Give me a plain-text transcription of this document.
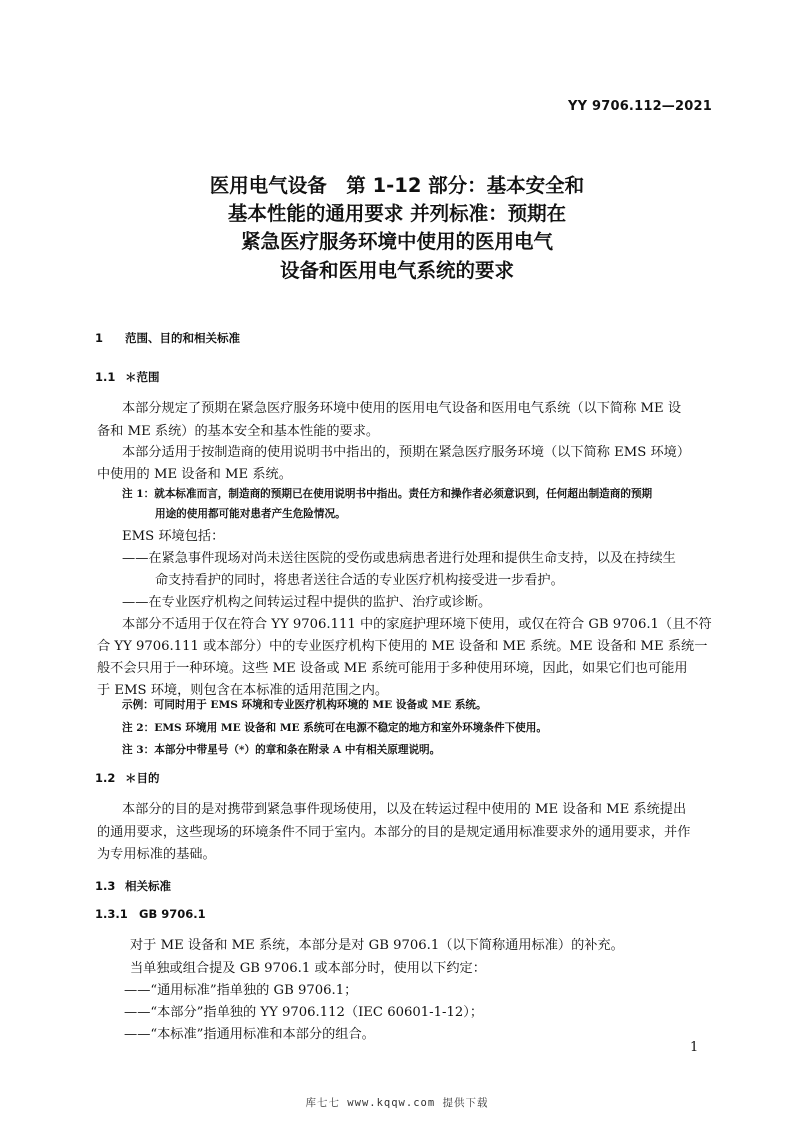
YY 9706.112—2021
医用电气设备　第 1-12 部分：基本安全和
基本性能的通用要求 并列标准：预期在
紧急医疗服务环境中使用的医用电气
设备和医用电气系统的要求
1 范围、目的和相关标准
1.1 ＊范围
本部分规定了预期在紧急医疗服务环境中使用的医用电气设备和医用电气系统（以下简称 ME 设
备和 ME 系统）的基本安全和基本性能的要求。
本部分适用于按制造商的使用说明书中指出的，预期在紧急医疗服务环境（以下简称 EMS 环境）
中使用的 ME 设备和 ME 系统。
注 1：就本标准而言，制造商的预期已在使用说明书中指出。责任方和操作者必须意识到，任何超出制造商的预期
用途的使用都可能对患者产生危险情况。
EMS 环境包括：
——在紧急事件现场对尚未送往医院的受伤或患病患者进行处理和提供生命支持，以及在持续生
命支持看护的同时，将患者送往合适的专业医疗机构接受进一步看护。
——在专业医疗机构之间转运过程中提供的监护、治疗或诊断。
本部分不适用于仅在符合 YY 9706.111 中的家庭护理环境下使用，或仅在符合 GB 9706.1（且不符
合 YY 9706.111 或本部分）中的专业医疗机构下使用的 ME 设备和 ME 系统。ME 设备和 ME 系统一
般不会只用于一种环境。这些 ME 设备或 ME 系统可能用于多种使用环境，因此，如果它们也可能用
于 EMS 环境，则包含在本标准的适用范围之内。
示例：可同时用于 EMS 环境和专业医疗机构环境的 ME 设备或 ME 系统。
注 2：EMS 环境用 ME 设备和 ME 系统可在电源不稳定的地方和室外环境条件下使用。
注 3：本部分中带星号（*）的章和条在附录 A 中有相关原理说明。
1.2 ＊目的
本部分的目的是对携带到紧急事件现场使用，以及在转运过程中使用的 ME 设备和 ME 系统提出
的通用要求，这些现场的环境条件不同于室内。本部分的目的是规定通用标准要求外的通用要求，并作
为专用标准的基础。
1.3 相关标准
1.3.1 GB 9706.1
对于 ME 设备和 ME 系统，本部分是对 GB 9706.1（以下简称通用标准）的补充。
当单独或组合提及 GB 9706.1 或本部分时，使用以下约定：
——“通用标准”指单独的 GB 9706.1；
——“本部分”指单独的 YY 9706.112（IEC 60601-1-12）；
——“本标准”指通用标准和本部分的组合。
1
库七七 www.kqqw.com 提供下载
